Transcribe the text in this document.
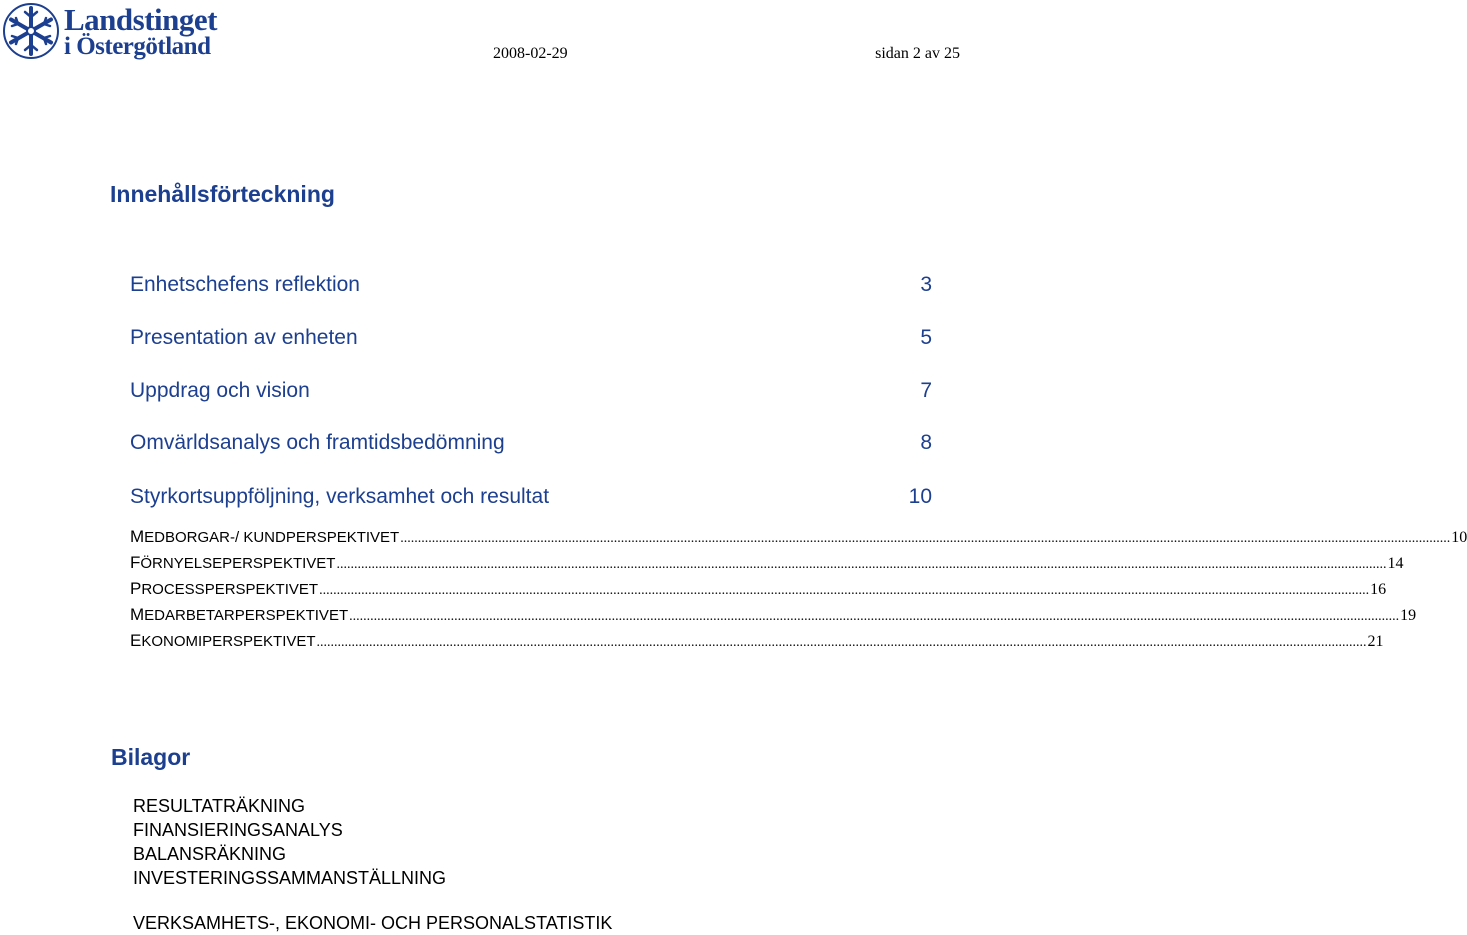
Landstinget
i Östergötland	2008-02-29	sidan 2 av 25
Innehållsförteckning
Enhetschefens reflektion	3
Presentation av enheten	5
Uppdrag och vision	7
Omvärldsanalys och framtidsbedömning	8
Styrkortsuppföljning, verksamhet och resultat	10
MEDBORGAR-/ KUNDPERSPEKTIVET ............................................................................................................................................................................................................................................................................................................ 10
FÖRNYELSEPERSPEKTIVET ............................................................................................................................................................................................................................................................................................................ 14
PROCESSPERSPEKTIVET ............................................................................................................................................................................................................................................................................................................ 16
MEDARBETARPERSPEKTIVET ............................................................................................................................................................................................................................................................................................................ 19
EKONOMIPERSPEKTIVET ............................................................................................................................................................................................................................................................................................................ 21
Bilagor
RESULTATRÄKNING
FINANSIERINGSANALYS
BALANSRÄKNING
INVESTERINGSSAMMANSTÄLLNING
VERKSAMHETS-, EKONOMI- OCH PERSONALSTATISTIK
